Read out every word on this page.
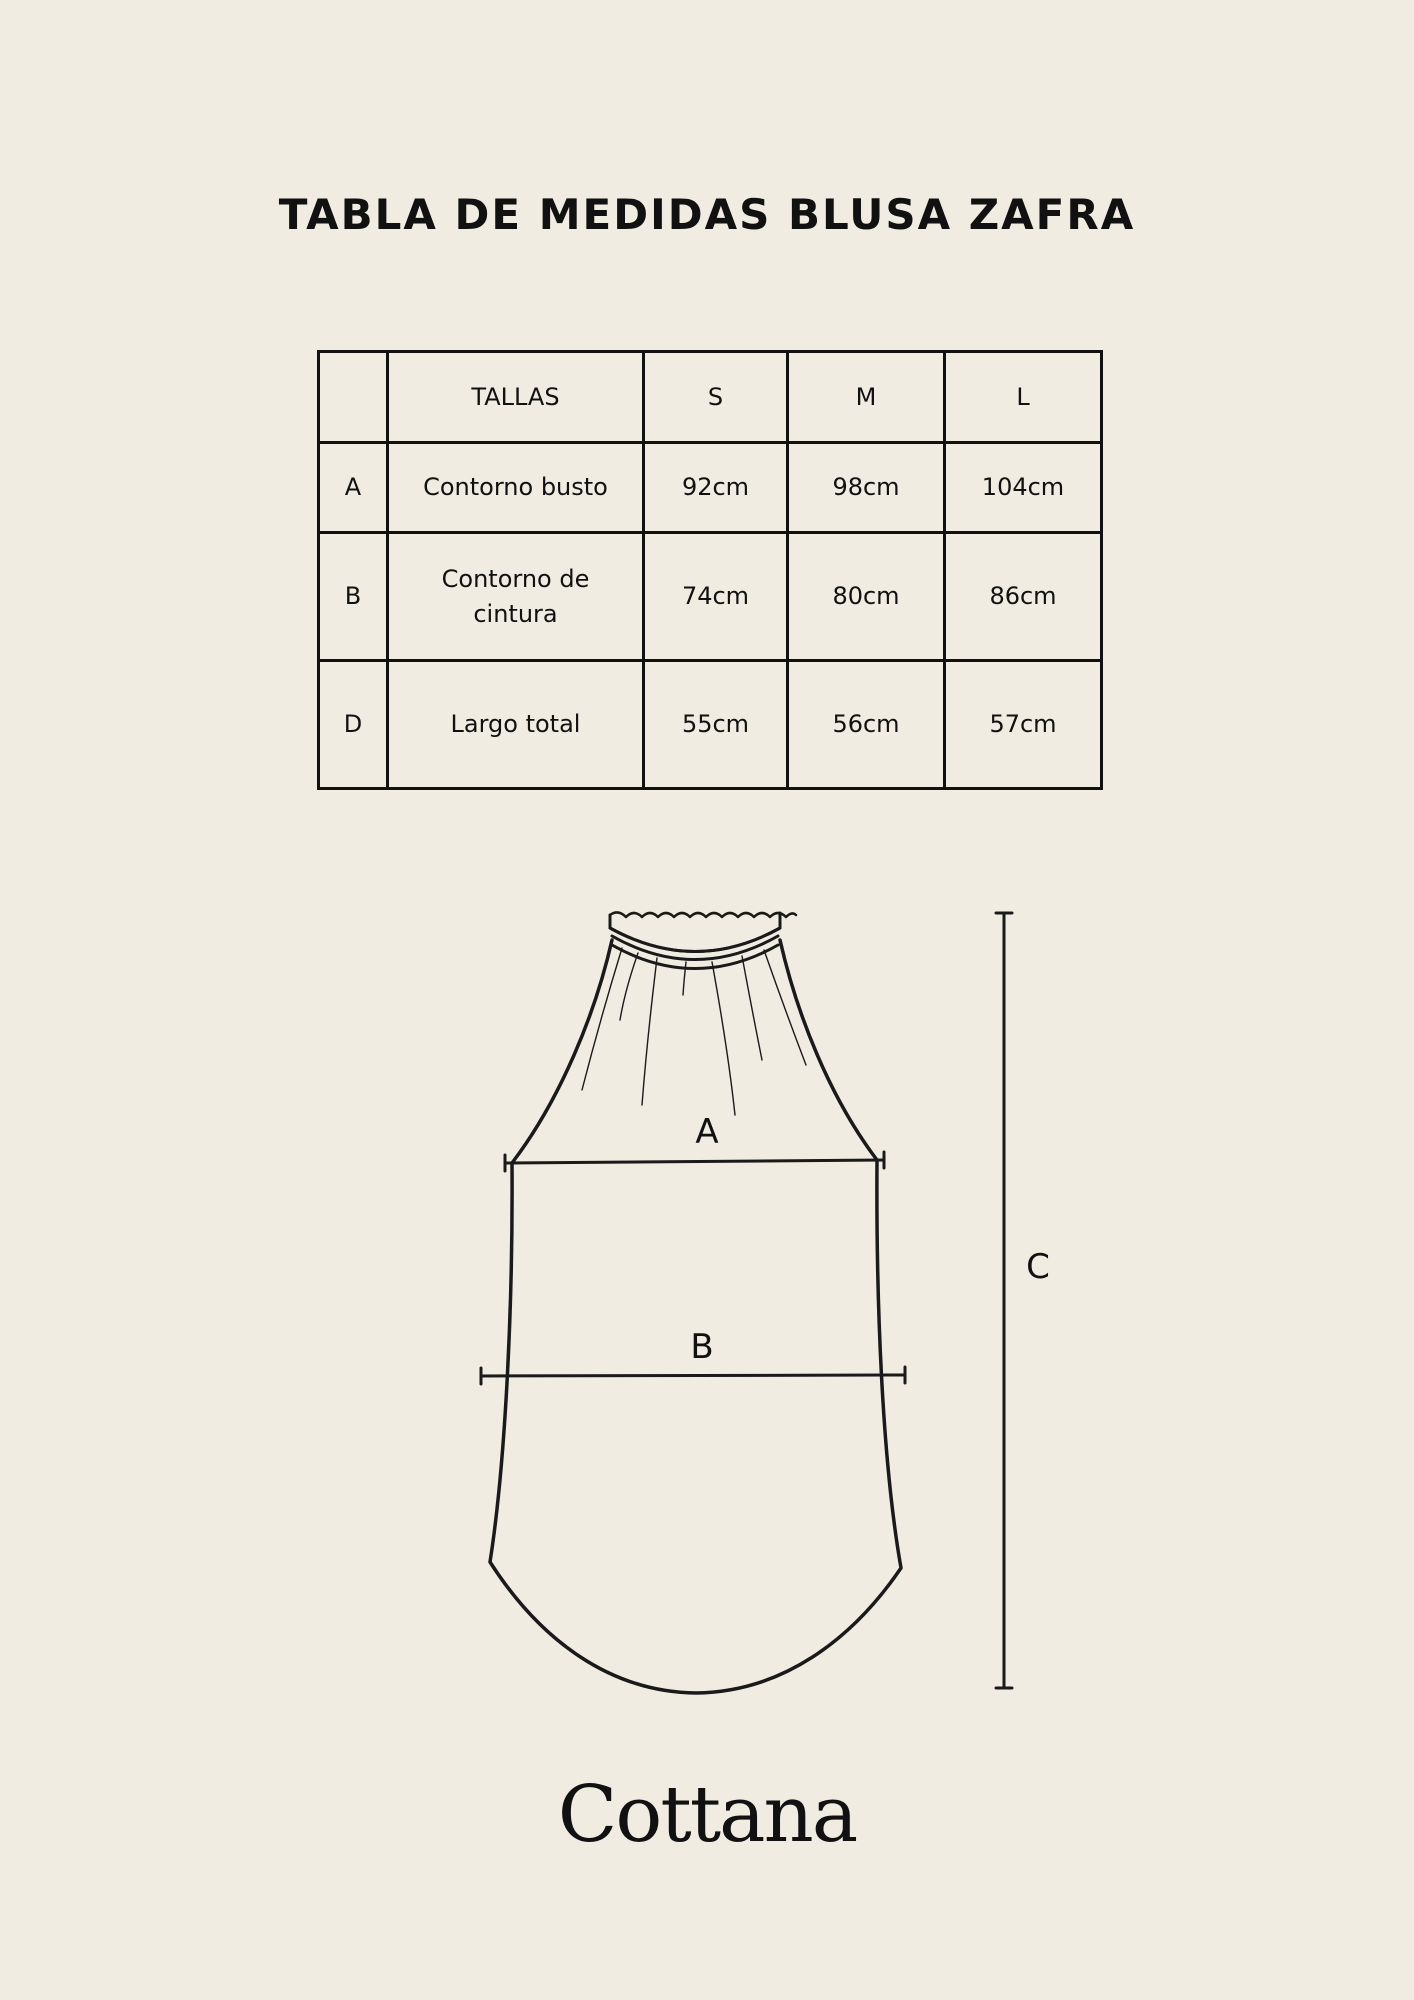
TABLA DE MEDIDAS BLUSA ZAFRA
	TALLAS	S	M	L
A	Contorno busto	92cm	98cm	104cm
B	Contorno de cintura	74cm	80cm	86cm
D	Largo total	55cm	56cm	57cm
A
B
C
Cottana
